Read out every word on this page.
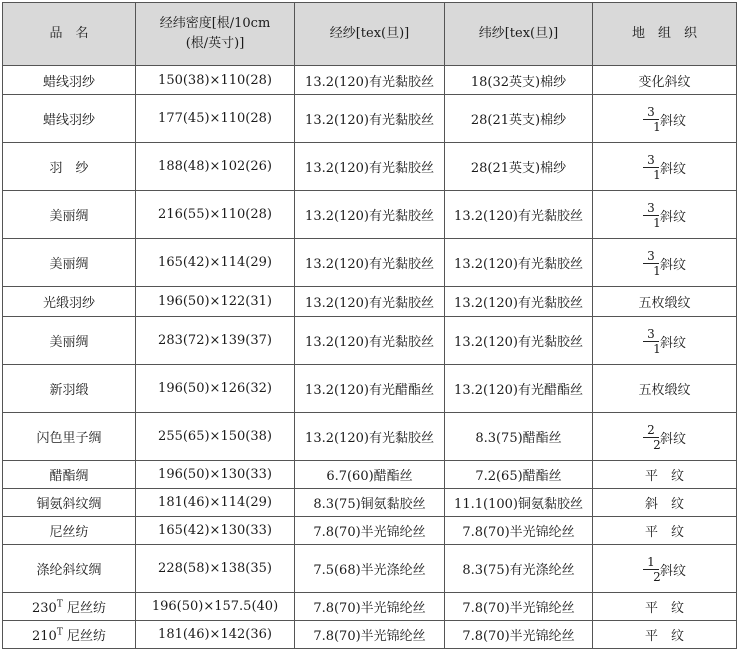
品　名	经纬密度[根/10cm
(根/英寸)]	经纱[tex(旦)]	纬纱[tex(旦)]	地　组　织
蜡线羽纱	150(38)×110(28)	13.2(120)有光黏胶丝	18(32英支)棉纱	变化斜纹
蜡线羽纱	177(45)×110(28)	13.2(120)有光黏胶丝	28(21英支)棉纱	3
1 斜纹

羽　纱	188(48)×102(26)	13.2(120)有光黏胶丝	28(21英支)棉纱	3
1 斜纹

美丽绸	216(55)×110(28)	13.2(120)有光黏胶丝	13.2(120)有光黏胶丝	3
1 斜纹

美丽绸	165(42)×114(29)	13.2(120)有光黏胶丝	13.2(120)有光黏胶丝	3
1 斜纹

光缎羽纱	196(50)×122(31)	13.2(120)有光黏胶丝	13.2(120)有光黏胶丝	五枚缎纹
美丽绸	283(72)×139(37)	13.2(120)有光黏胶丝	13.2(120)有光黏胶丝	3
1 斜纹

新羽缎	196(50)×126(32)	13.2(120)有光醋酯丝	13.2(120)有光醋酯丝	五枚缎纹
闪色里子绸	255(65)×150(38)	13.2(120)有光黏胶丝	8.3(75)醋酯丝	2
2 斜纹

醋酯绸	196(50)×130(33)	6.7(60)醋酯丝	7.2(65)醋酯丝	平　纹
铜氨斜纹绸	181(46)×114(29)	8.3(75)铜氨黏胶丝	11.1(100)铜氨黏胶丝	斜　纹
尼丝纺	165(42)×130(33)	7.8(70)半光锦纶丝	7.8(70)半光锦纶丝	平　纹
涤纶斜纹绸	228(58)×138(35)	7.5(68)半光涤纶丝	8.3(75)有光涤纶丝	1
2 斜纹

$230^T$ 尼丝纺	196(50)×157.5(40)	7.8(70)半光锦纶丝	7.8(70)半光锦纶丝	平　纹
$210^T$ 尼丝纺	181(46)×142(36)	7.8(70)半光锦纶丝	7.8(70)半光锦纶丝	平　纹
